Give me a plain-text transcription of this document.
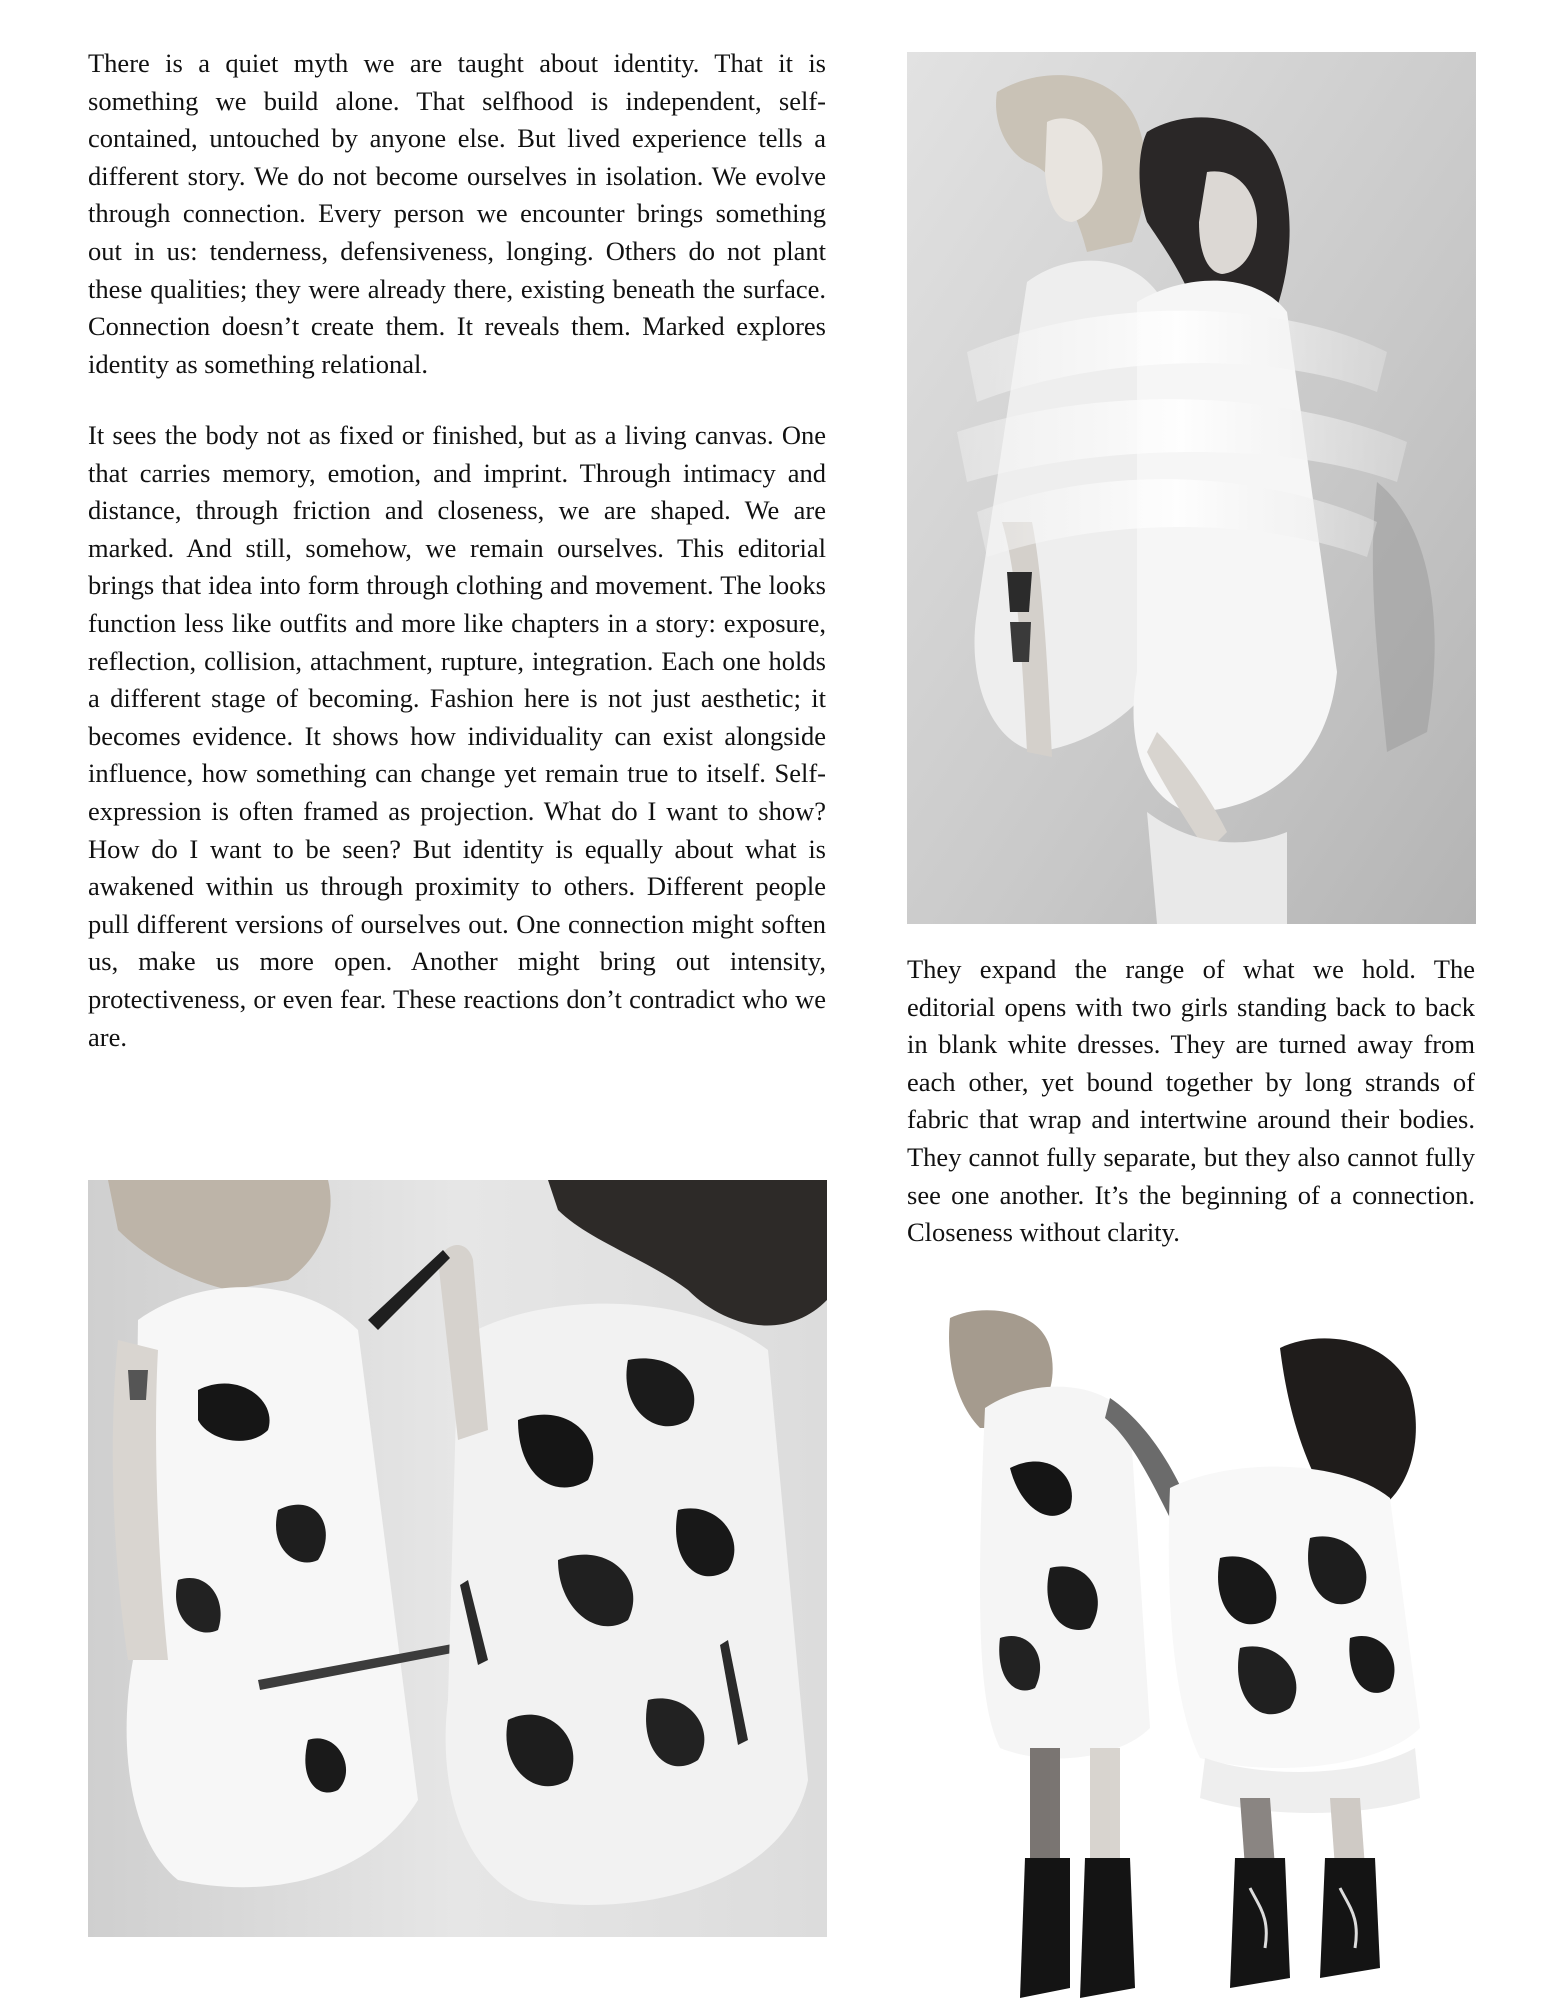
There is a quiet myth we are taught about identity. That it is something we build alone. That selfhood is independent, self-contained, untouched by anyone else. But lived experience tells a different story. We do not become ourselves in isolation. We evolve through connection. Every person we encounter brings something out in us: tenderness, defensiveness, longing. Others do not plant these qualities; they were already there, existing beneath the surface. Connection doesn’t create them. It reveals them. Marked explores identity as something relational.

It sees the body not as fixed or finished, but as a living canvas. One that carries memory, emotion, and imprint. Through intimacy and distance, through friction and closeness, we are shaped. We are marked. And still, somehow, we remain ourselves. This editorial brings that idea into form through clothing and movement. The looks function less like outfits and more like chapters in a story: exposure, reflection, collision, attachment, rupture, integration. Each one holds a different stage of becoming. Fashion here is not just aesthetic; it becomes evidence. It shows how individuality can exist alongside influence, how something can change yet remain true to itself. Self-expression is often framed as projection. What do I want to show? How do I want to be seen? But identity is equally about what is awakened within us through proximity to others. Different people pull different versions of ourselves out. One connection might soften us, make us more open. Another might bring out intensity, protectiveness, or even fear. These reactions don’t contradict who we are.

They expand the range of what we hold. The editorial opens with two girls standing back to back in blank white dresses. They are turned away from each other, yet bound together by long strands of fabric that wrap and intertwine around their bodies. They cannot fully separate, but they also cannot fully see one another. It’s the beginning of a connection. Closeness without clarity.
